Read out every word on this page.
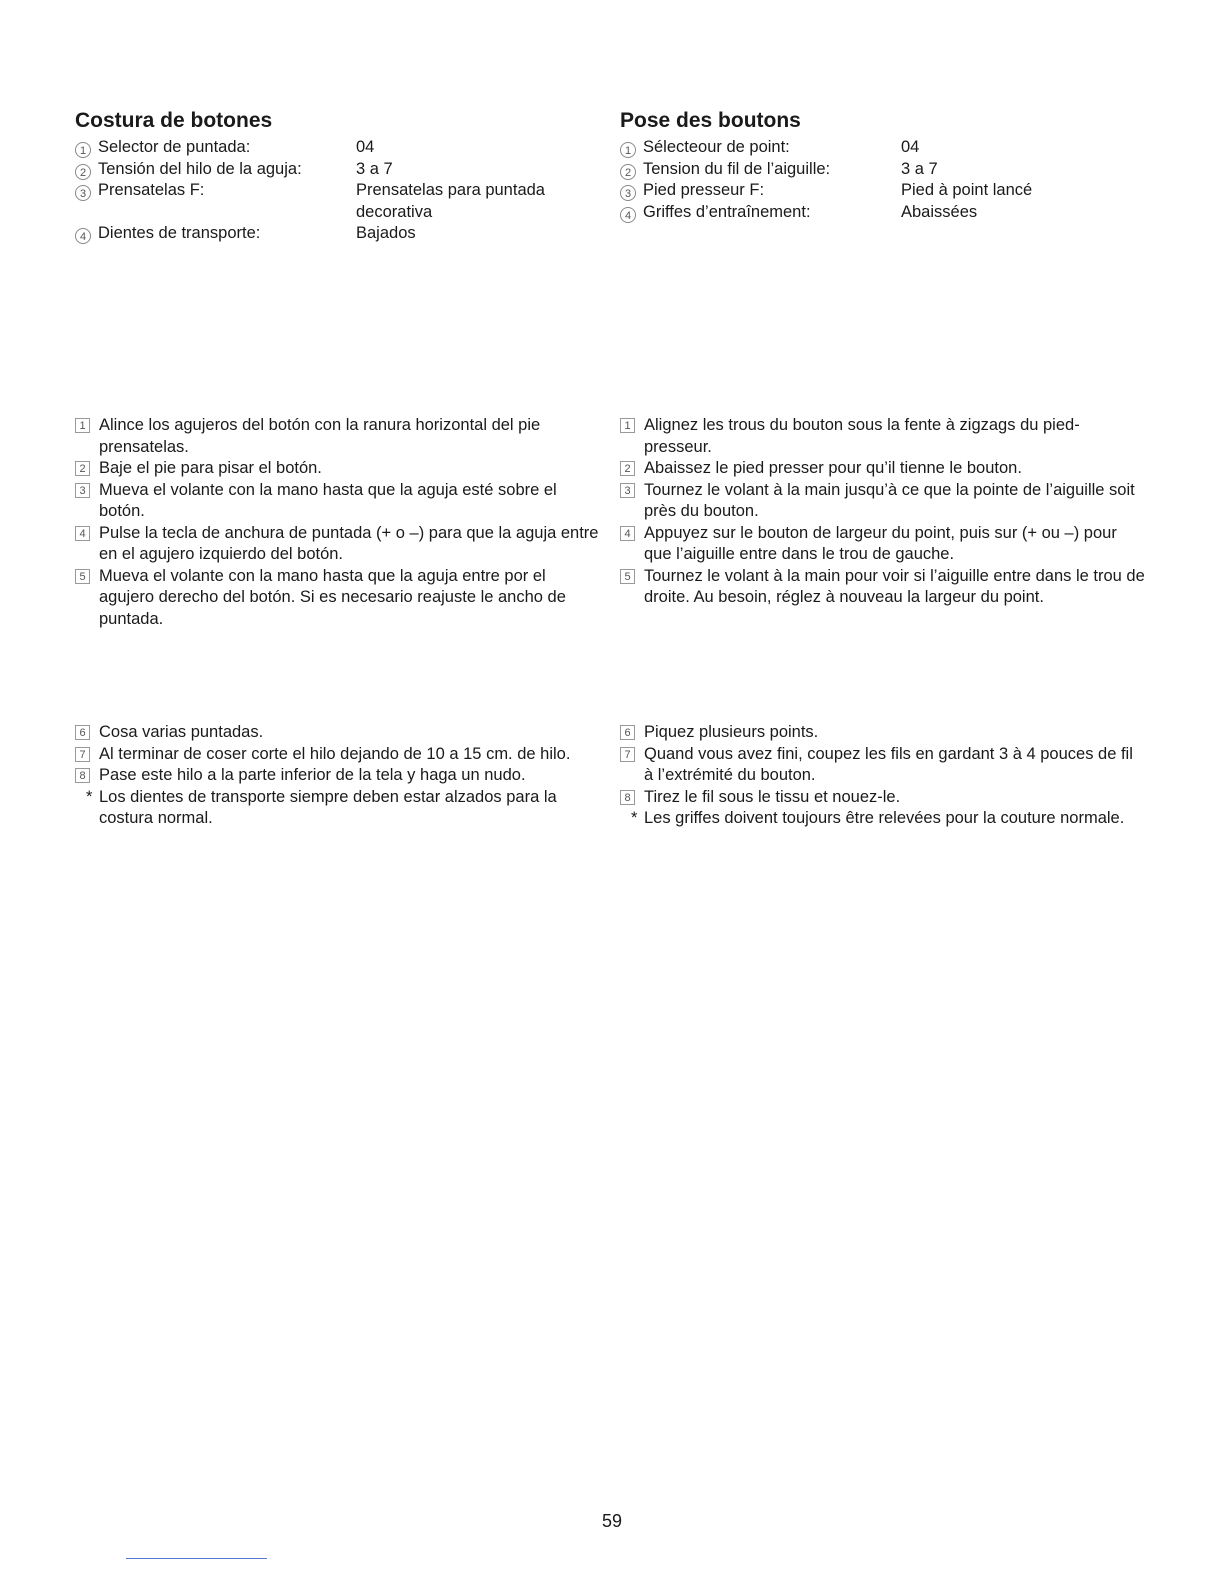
Costura de botones
1 Selector de puntada:	04
2 Tensión del hilo de la aguja:	3 a 7
3 Prensatelas F:	Prensatelas para puntada decorativa
4 Dientes de transporte:	Bajados
1 Alince los agujeros del botón con la ranura horizontal del pie prensatelas.
2 Baje el pie para pisar el botón.
3 Mueva el volante con la mano hasta que la aguja esté sobre el botón.
4 Pulse la tecla de anchura de puntada (+ o –) para que la aguja entre en el agujero izquierdo del botón.
5 Mueva el volante con la mano hasta que la aguja entre por el agujero derecho del botón. Si es necesario reajuste le ancho de puntada.
6 Cosa varias puntadas.
7 Al terminar de coser corte el hilo dejando de 10 a 15 cm. de hilo.
8 Pase este hilo a la parte inferior de la tela y haga un nudo.
* Los dientes de transporte siempre deben estar alzados para la costura normal.
Pose des boutons
1 Sélecteour de point:	04
2 Tension du fil de l’aiguille:	3 a 7
3 Pied presseur F:	Pied à point lancé
4 Griffes d’entraînement:	Abaissées
1 Alignez les trous du bouton sous la fente à zigzags du pied-presseur.
2 Abaissez le pied presser pour qu’il tienne le bouton.
3 Tournez le volant à la main jusqu’à ce que la pointe de l’aiguille soit près du bouton.
4 Appuyez sur le bouton de largeur du point, puis sur (+ ou –) pour que l’aiguille entre dans le trou de gauche.
5 Tournez le volant à la main pour voir si l’aiguille entre dans le trou de droite. Au besoin, réglez à nouveau la largeur du point.
6 Piquez plusieurs points.
7 Quand vous avez fini, coupez les fils en gardant 3 à 4 pouces de fil à l’extrémité du bouton.
8 Tirez le fil sous le tissu et nouez-le.
* Les griffes doivent toujours être relevées pour la couture normale.
59
